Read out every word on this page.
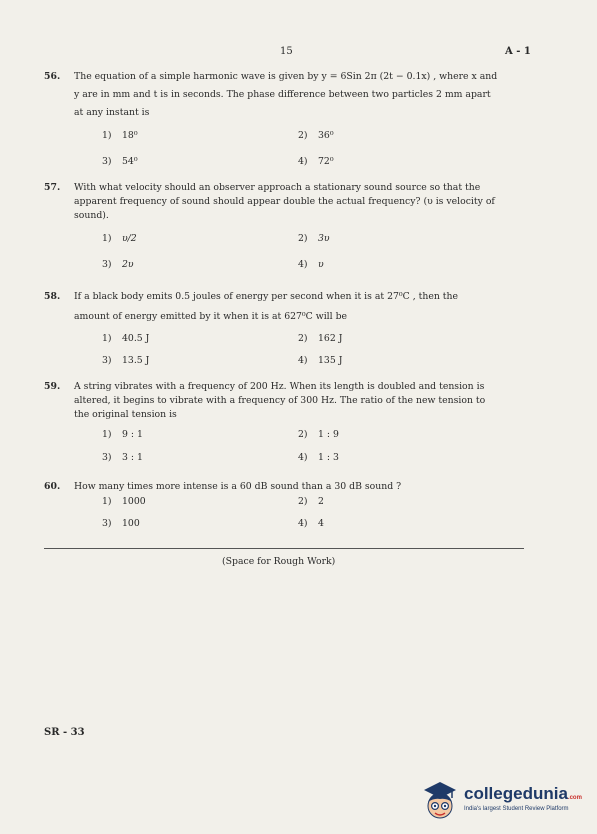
15	A - 1
56. The equation of a simple harmonic wave is given by y = 6Sin 2π (2t − 0.1x) , where x and
y are in mm and t is in seconds. The phase difference between two particles 2 mm apart
at any instant is
1) 18⁰	2) 36⁰
3) 54⁰	4) 72⁰
57. With what velocity should an observer approach a stationary sound source so that the
apparent frequency of sound should appear double the actual frequency? (υ is velocity of
sound).
1) υ/2	2) 3υ
3) 2υ	4) υ
58. If a black body emits 0.5 joules of energy per second when it is at 27⁰C , then the
amount of energy emitted by it when it is at 627⁰C will be
1) 40.5 J	2) 162 J
3) 13.5 J	4) 135 J
59. A string vibrates with a frequency of 200 Hz. When its length is doubled and tension is
altered, it begins to vibrate with a frequency of 300 Hz. The ratio of the new tension to
the original tension is
1) 9 : 1	2) 1 : 9
3) 3 : 1	4) 1 : 3
60. How many times more intense is a 60 dB sound than a 30 dB sound ?
1) 1000	2) 2
3) 100	4) 4
(Space for Rough Work)
SR - 33
collegedunia.com
India's largest Student Review Platform
